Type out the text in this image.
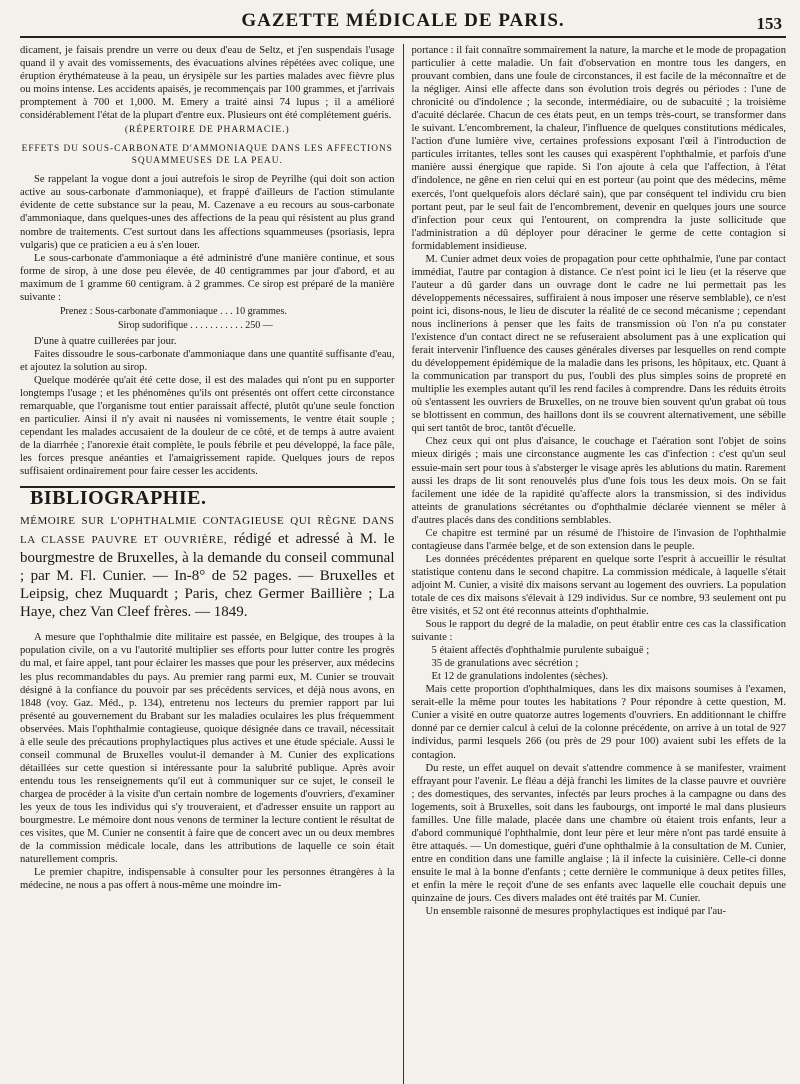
GAZETTE MÉDICALE DE PARIS.	153

dicament, je faisais prendre un verre ou deux d'eau de Seltz, et j'en suspendais l'usage quand il y avait des vomissements, des évacuations alvines répétées avec colique, une éruption érythémateuse à la peau, un érysipèle sur les parties malades avec fièvre plus ou moins intense. Les accidents apaisés, je recommençais par 100 grammes, et j'arrivais promptement à 700 et 1,000. M. Emery a traité ainsi 74 lupus ; il a amélioré considérablement l'état de la plupart d'entre eux. Plusieurs ont été complétement guéris.

(RÉPERTOIRE DE PHARMACIE.)

EFFETS DU SOUS-CARBONATE D'AMMONIAQUE DANS LES AFFECTIONS SQUAMMEUSES DE LA PEAU.

Se rappelant la vogue dont a joui autrefois le sirop de Peyrilhe (qui doit son action active au sous-carbonate d'ammoniaque), et frappé d'ailleurs de l'action stimulante évidente de cette substance sur la peau, M. Cazenave a eu recours au sous-carbonate d'ammoniaque, dans quelques-unes des affections de la peau qui résistent au plus grand nombre de traitements. C'est surtout dans les affections squammeuses (psoriasis, lepra vulgaris) que ce praticien a eu à s'en louer.

Le sous-carbonate d'ammoniaque a été administré d'une manière continue, et sous forme de sirop, à une dose peu élevée, de 40 centigrammes par jour d'abord, et au maximum de 1 gramme 60 centigram. à 2 grammes. Ce sirop est préparé de la manière suivante :

Prenez : Sous-carbonate d'ammoniaque . . . 10 grammes.

Sirop sudorifique . . . . . . . . . . . 250 —

D'une à quatre cuillerées par jour.

Faites dissoudre le sous-carbonate d'ammoniaque dans une quantité suffisante d'eau, et ajoutez la solution au sirop.

Quelque modérée qu'ait été cette dose, il est des malades qui n'ont pu en supporter longtemps l'usage ; et les phénomènes qu'ils ont présentés ont offert cette circonstance remarquable, que l'organisme tout entier paraissait affecté, plutôt qu'une seule fonction en particulier. Ainsi il n'y avait ni nausées ni vomissements, le ventre était souple ; cependant les malades accusaient de la douleur de ce côté, et de temps à autre avaient de la diarrhée ; l'anorexie était complète, le pouls fébrile et peu développé, la face pâle, les forces presque anéanties et l'amaigrissement rapide. Quelques jours de repos suffisaient ordinairement pour faire cesser les accidents.

BIBLIOGRAPHIE.

MÉMOIRE SUR L'OPHTHALMIE CONTAGIEUSE QUI RÈGNE DANS LA CLASSE PAUVRE ET OUVRIÈRE, rédigé et adressé à M. le bourgmestre de Bruxelles, à la demande du conseil communal ; par M. Fl. Cunier. — In-8° de 52 pages. — Bruxelles et Leipsig, chez Muquardt ; Paris, chez Germer Baillière ; La Haye, chez Van Cleef frères. — 1849.

A mesure que l'ophthalmie dite militaire est passée, en Belgique, des troupes à la population civile, on a vu l'autorité multiplier ses efforts pour lutter contre les progrès du mal, et faire appel, tant pour éclairer les masses que pour les préserver, aux médecins les plus recommandables du pays. Au premier rang parmi eux, M. Cunier se trouvait désigné à la confiance du pouvoir par ses précédents services, et déjà nous avons, en 1848 (voy. Gaz. Méd., p. 134), entretenu nos lecteurs du premier rapport par lui présenté au gouvernement du Brabant sur les maladies oculaires les plus fréquemment observées. Mais l'ophthalmie contagieuse, quoique désignée dans ce travail, nécessitait à elle seule des précautions prophylactiques plus actives et une étude spéciale. Aussi le conseil communal de Bruxelles voulut-il demander à M. Cunier des explications détaillées sur cette question si intéressante pour la salubrité publique. Après avoir entendu tous les renseignements qu'il eut à communiquer sur ce sujet, le conseil le chargea de procéder à la visite d'un certain nombre de logements d'ouvriers, d'examiner les yeux de tous les individus qui s'y trouveraient, et d'adresser ensuite un rapport au bourgmestre. Le mémoire dont nous venons de terminer la lecture contient le résultat de ces visites, que M. Cunier ne consentit à faire que de concert avec un ou deux membres de la commission médicale locale, dans les attributions de laquelle ce soin était naturellement compris.

Le premier chapitre, indispensable à consulter pour les personnes étrangères à la médecine, ne nous a pas offert à nous-même une moindre im-

portance : il fait connaître sommairement la nature, la marche et le mode de propagation particulier à cette maladie. Un fait d'observation en montre tous les dangers, en prouvant combien, dans une foule de circonstances, il est facile de la méconnaître et de la négliger. Ainsi elle affecte dans son évolution trois degrés ou périodes : l'une de chronicité ou d'indolence ; la seconde, intermédiaire, ou de subacuité ; la troisième d'acuité déclarée. Chacun de ces états peut, en un temps très-court, se transformer dans le suivant. L'encombrement, la chaleur, l'influence de quelques constitutions médicales, l'action d'une lumière vive, certaines professions exposant l'œil à l'introduction de particules irritantes, telles sont les causes qui exaspèrent l'ophthalmie, et parfois d'une manière aussi énergique que rapide. Si l'on ajoute à cela que l'affection, à l'état d'indolence, ne gêne en rien celui qui en est porteur (au point que des médecins, même exercés, l'ont quelquefois alors déclaré sain), que par conséquent tel individu cru bien portant peut, par le seul fait de l'encombrement, devenir en quelques jours une source d'infection pour ceux qui l'entourent, on comprendra la juste sollicitude que l'administration a dû déployer pour déraciner le germe de cette contagion si formidablement insidieuse.

M. Cunier admet deux voies de propagation pour cette ophthalmie, l'une par contact immédiat, l'autre par contagion à distance. Ce n'est point ici le lieu (et la réserve que l'auteur a dû garder dans un ouvrage dont le cadre ne lui permettait pas les développements nécessaires, suffiraient à nous imposer une réserve semblable), ce n'est point ici, disons-nous, le lieu de discuter la réalité de ce second mécanisme ; cependant nous inclinerions à penser que les faits de transmission où l'on n'a pu constater l'existence d'un contact direct ne se refuseraient absolument pas à une explication qui ferait intervenir l'influence des causes générales diverses par lesquelles on rend compte du développement épidémique de la maladie dans les prisons, les hôpitaux, etc. Quant à la communication par transport du pus, l'oubli des plus simples soins de propreté en multiplie les exemples autant qu'il les rend faciles à comprendre. Dans les réduits étroits où s'entassent les ouvriers de Bruxelles, on ne trouve bien souvent qu'un grabat où tous se blottissent en commun, des haillons dont ils se couvrent alternativement, une sébille qui sert tantôt de broc, tantôt d'écuelle.

Chez ceux qui ont plus d'aisance, le couchage et l'aération sont l'objet de soins mieux dirigés ; mais une circonstance augmente les cas d'infection : c'est qu'un seul essuie-main sert pour tous à s'absterger le visage après les ablutions du matin. Rarement aussi les draps de lit sont renouvelés plus d'une fois tous les deux mois. On se fait facilement une idée de la rapidité qu'affecte alors la transmission, si des individus atteints de granulations sécrétantes ou d'ophthalmie déclarée viennent se mêler à d'autres placés dans des conditions semblables.

Ce chapitre est terminé par un résumé de l'histoire de l'invasion de l'ophthalmie contagieuse dans l'armée belge, et de son extension dans le peuple.

Les données précédentes préparent en quelque sorte l'esprit à accueillir le résultat statistique contenu dans le second chapitre. La commission médicale, à laquelle s'était adjoint M. Cunier, a visité dix maisons servant au logement des ouvriers. La population totale de ces dix maisons s'élevait à 129 individus. Sur ce nombre, 93 seulement ont pu être visités, et 52 ont été reconnus atteints d'ophthalmie.

Sous le rapport du degré de la maladie, on peut établir entre ces cas la classification suivante :

5 étaient affectés d'ophthalmie purulente subaiguë ;

35 de granulations avec sécrétion ;

Et 12 de granulations indolentes (sèches).

Mais cette proportion d'ophthalmiques, dans les dix maisons soumises à l'examen, serait-elle la même pour toutes les habitations ? Pour répondre à cette question, M. Cunier a visité en outre quatorze autres logements d'ouvriers. En additionnant le chiffre donné par ce dernier calcul à celui de la colonne précédente, on arrive à un total de 927 individus, parmi lesquels 266 (ou près de 29 pour 100) avaient subi les effets de la contagion.

Du reste, un effet auquel on devait s'attendre commence à se manifester, vraiment effrayant pour l'avenir. Le fléau a déjà franchi les limites de la classe pauvre et ouvrière ; des domestiques, des servantes, infectés par leurs proches à la campagne ou dans des logements, soit à Bruxelles, soit dans les faubourgs, ont importé le mal dans plusieurs familles. Une fille malade, placée dans une chambre où étaient trois enfants, leur a d'abord communiqué l'ophthalmie, dont leur père et leur mère n'ont pas tardé ensuite à être attaqués. — Un domestique, guéri d'une ophthalmie à la consultation de M. Cunier, entre en condition dans une famille anglaise ; là il infecte la cuisinière. Celle-ci donne ensuite le mal à la bonne d'enfants ; cette dernière le communique à deux petites filles, et enfin la mère le reçoit d'une de ses enfants avec laquelle elle couchait depuis une quinzaine de jours. Ces divers malades ont été traités par M. Cunier.

Un ensemble raisonné de mesures prophylactiques est indiqué par l'au-
